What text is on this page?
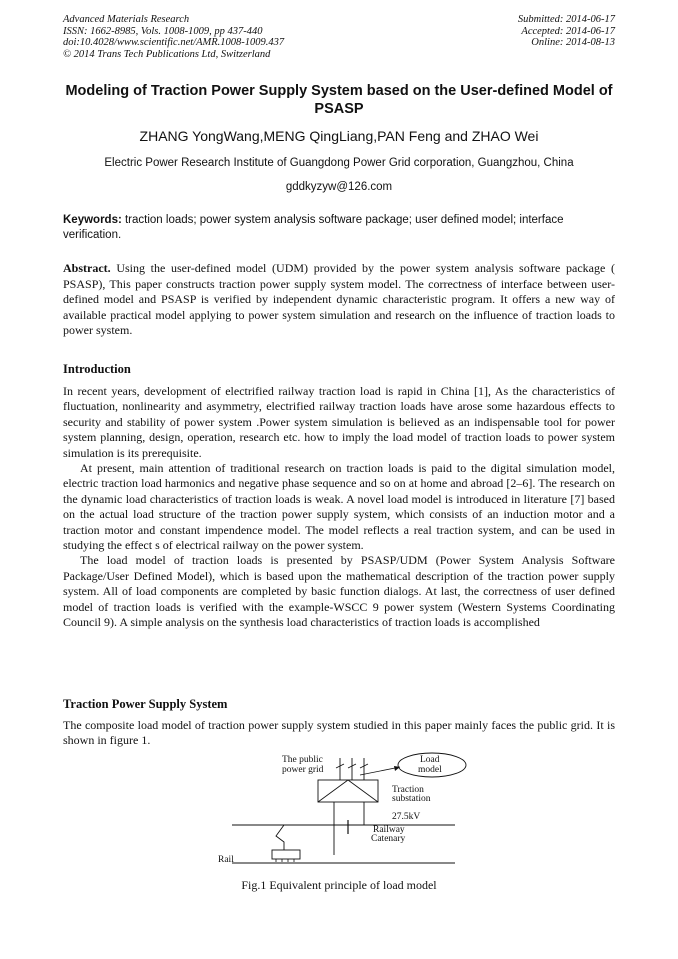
Advanced Materials Research
ISSN: 1662-8985, Vols. 1008-1009, pp 437-440
doi:10.4028/www.scientific.net/AMR.1008-1009.437
© 2014 Trans Tech Publications Ltd, Switzerland
Submitted: 2014-06-17
Accepted: 2014-06-17
Online: 2014-08-13
Modeling of Traction Power Supply System based on the User-defined Model of PSASP
ZHANG YongWang,MENG QingLiang,PAN Feng and ZHAO Wei
Electric Power Research Institute of Guangdong Power Grid corporation, Guangzhou, China
gddkyzyw@126.com
Keywords: traction loads; power system analysis software package; user defined model; interface verification.
Abstract. Using the user-defined model (UDM) provided by the power system analysis software package ( PSASP), This paper constructs traction power supply system model. The correctness of interface between user-defined model and PSASP is verified by independent dynamic characteristic program. It offers a new way of available practical model applying to power system simulation and research on the influence of traction loads to power system.
Introduction

In recent years, development of electrified railway traction load is rapid in China [1], As the characteristics of fluctuation, nonlinearity and asymmetry, electrified railway traction loads have arose some hazardous effects to security and stability of power system .Power system simulation is believed as an indispensable tool for power system planning, design, operation, research etc. how to imply the load model of traction loads to power system simulation is its prerequisite.

At present, main attention of traditional research on traction loads is paid to the digital simulation model, electric traction load harmonics and negative phase sequence and so on at home and abroad [2–6]. The research on the dynamic load characteristics of traction loads is weak. A novel load model is introduced in literature [7] based on the actual load structure of the traction power supply system, which consists of an induction motor and a traction motor and constant impendence model. The model reflects a real traction system, and can be used in studying the effect s of electrical railway on the power system.

The load model of traction loads is presented by PSASP/UDM (Power System Analysis Software Package/User Defined Model), which is based upon the mathematical description of the traction power supply system. All of load components are completed by basic function dialogs. At last, the correctness of user defined model of traction loads is verified with the example-WSCC 9 power system (Western Systems Coordinating Council 9). A simple analysis on the synthesis load characteristics of traction loads is accomplished

Traction Power Supply System

The composite load model of traction power supply system studied in this paper mainly faces the public grid. It is shown in figure 1.

The public
power grid
Load
model
Traction
substation
27.5kV
Railway
Catenary
Rail
Fig.1 Equivalent principle of load model
